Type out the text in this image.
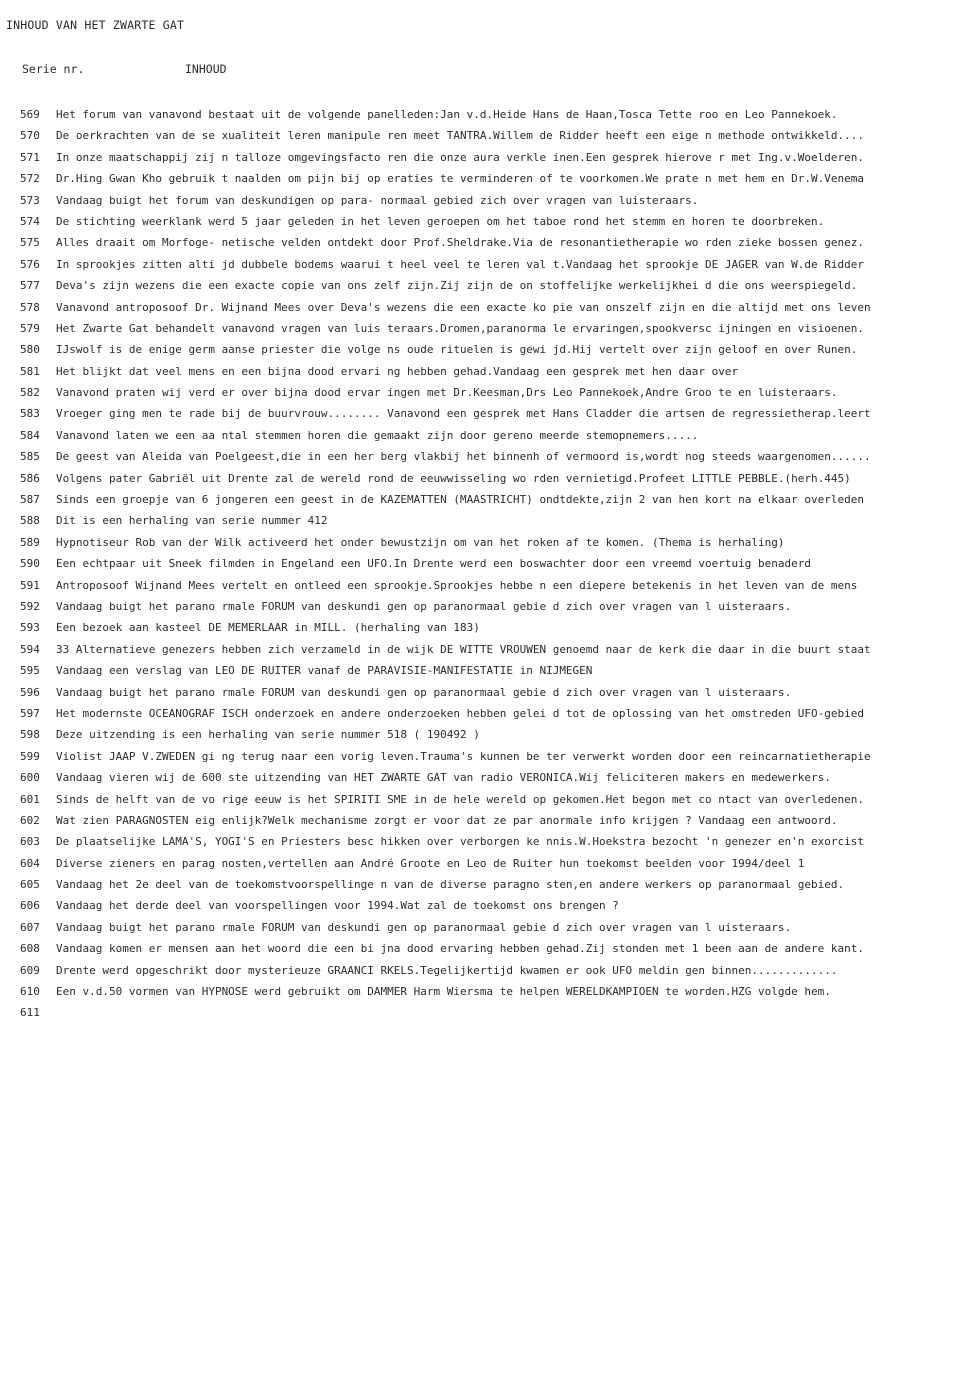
INHOUD VAN HET ZWARTE GAT
Serie nr.	INHOUD
569	Het forum van vanavond bestaat uit de volgende panelleden:Jan v.d.Heide Hans de Haan,Tosca Tette roo en Leo Pannekoek.
570	De oerkrachten van de se xualiteit leren manipule ren meet TANTRA.Willem de Ridder heeft een eige n methode ontwikkeld....
571	In onze maatschappij zij n talloze omgevingsfacto ren die onze aura verkle inen.Een gesprek hierove r met Ing.v.Woelderen.
572	Dr.Hing Gwan Kho gebruik t naalden om pijn bij op eraties te verminderen of te voorkomen.We prate n met hem en Dr.W.Venema
573	Vandaag buigt het forum van deskundigen op para- normaal gebied zich over vragen van luisteraars.
574	De stichting weerklank werd 5 jaar geleden in het leven geroepen om het taboe rond het stemm en horen te doorbreken.
575	Alles draait om Morfoge- netische velden ontdekt door Prof.Sheldrake.Via de resonantietherapie wo rden zieke bossen genez.
576	In sprookjes zitten alti jd dubbele bodems waarui t heel veel te leren val t.Vandaag het sprookje DE JAGER van W.de Ridder
577	Deva's zijn wezens die een exacte copie van ons zelf zijn.Zij zijn de on stoffelijke werkelijkhei d die ons weerspiegeld.
578	Vanavond antroposoof Dr. Wijnand Mees over Deva's wezens die een exacte ko pie van onszelf zijn en die altijd met ons leven
579	Het Zwarte Gat behandelt vanavond vragen van luis teraars.Dromen,paranorma le ervaringen,spookversc ijningen en visioenen.
580	IJswolf is de enige germ aanse priester die volge ns oude rituelen is gewi jd.Hij vertelt over zijn geloof en over Runen.
581	Het blijkt dat veel mens en een bijna dood ervari ng hebben gehad.Vandaag een gesprek met hen daar over
582	Vanavond praten wij verd er over bijna dood ervar ingen met Dr.Keesman,Drs Leo Pannekoek,Andre Groo te en luisteraars.
583	Vroeger ging men te rade bij de buurvrouw........ Vanavond een gesprek met Hans Cladder die artsen de regressietherap.leert
584	Vanavond laten we een aa ntal stemmen horen die gemaakt zijn door gereno meerde stemopnemers.....
585	De geest van Aleida van Poelgeest,die in een her berg vlakbij het binnenh of vermoord is,wordt nog steeds waargenomen......
586	Volgens pater Gabriël uit Drente zal de wereld rond de eeuwwisseling wo rden vernietigd.Profeet LITTLE PEBBLE.(herh.445)
587	Sinds een groepje van 6 jongeren een geest in de KAZEMATTEN (MAASTRICHT) ondtdekte,zijn 2 van hen kort na elkaar overleden
588	Dit is een herhaling van serie nummer 412
589	Hypnotiseur Rob van der Wilk activeerd het onder bewustzijn om van het roken af te komen. (Thema is herhaling)
590	Een echtpaar uit Sneek filmden in Engeland een UFO.In Drente werd een boswachter door een vreemd voertuig benaderd
591	Antroposoof Wijnand Mees vertelt en ontleed een sprookje.Sprookjes hebbe n een diepere betekenis in het leven van de mens
592	Vandaag buigt het parano rmale FORUM van deskundi gen op paranormaal gebie d zich over vragen van l uisteraars.
593	Een bezoek aan kasteel DE MEMERLAAR in MILL. (herhaling van 183)
594	33 Alternatieve genezers hebben zich verzameld in de wijk DE WITTE VROUWEN genoemd naar de kerk die daar in die buurt staat
595	Vandaag een verslag van LEO DE RUITER vanaf de PARAVISIE-MANIFESTATIE in NIJMEGEN
596	Vandaag buigt het parano rmale FORUM van deskundi gen op paranormaal gebie d zich over vragen van l uisteraars.
597	Het modernste OCEANOGRAF ISCH onderzoek en andere onderzoeken hebben gelei d tot de oplossing van het omstreden UFO-gebied
598	Deze uitzending is een herhaling van serie nummer 518 ( 190492 )
599	Violist JAAP V.ZWEDEN gi ng terug naar een vorig leven.Trauma's kunnen be ter verwerkt worden door een reincarnatietherapie
600	Vandaag vieren wij de 600 ste uitzending van HET ZWARTE GAT van radio VERONICA.Wij feliciteren makers en medewerkers.
601	Sinds de helft van de vo rige eeuw is het SPIRITI SME in de hele wereld op gekomen.Het begon met co ntact van overledenen.
602	Wat zien PARAGNOSTEN eig enlijk?Welk mechanisme zorgt er voor dat ze par anormale info krijgen ? Vandaag een antwoord.
603	De plaatselijke LAMA'S, YOGI'S en Priesters besc hikken over verborgen ke nnis.W.Hoekstra bezocht 'n genezer en'n exorcist
604	Diverse zieners en parag nosten,vertellen aan André Groote en Leo de Ruiter hun toekomst beelden voor 1994/deel 1
605	Vandaag het 2e deel van de toekomstvoorspellinge n van de diverse paragno sten,en andere werkers op paranormaal gebied.
606	Vandaag het derde deel van voorspellingen voor 1994.Wat zal de toekomst ons brengen ?
607	Vandaag buigt het parano rmale FORUM van deskundi gen op paranormaal gebie d zich over vragen van l uisteraars.
608	Vandaag komen er mensen aan het woord die een bi jna dood ervaring hebben gehad.Zij stonden met 1 been aan de andere kant.
609	Drente werd opgeschrikt door mysterieuze GRAANCI RKELS.Tegelijkertijd kwamen er ook UFO meldin gen binnen.............
610	Een v.d.50 vormen van HYPNOSE werd gebruikt om DAMMER Harm Wiersma te helpen WERELDKAMPIOEN te worden.HZG volgde hem.
611
